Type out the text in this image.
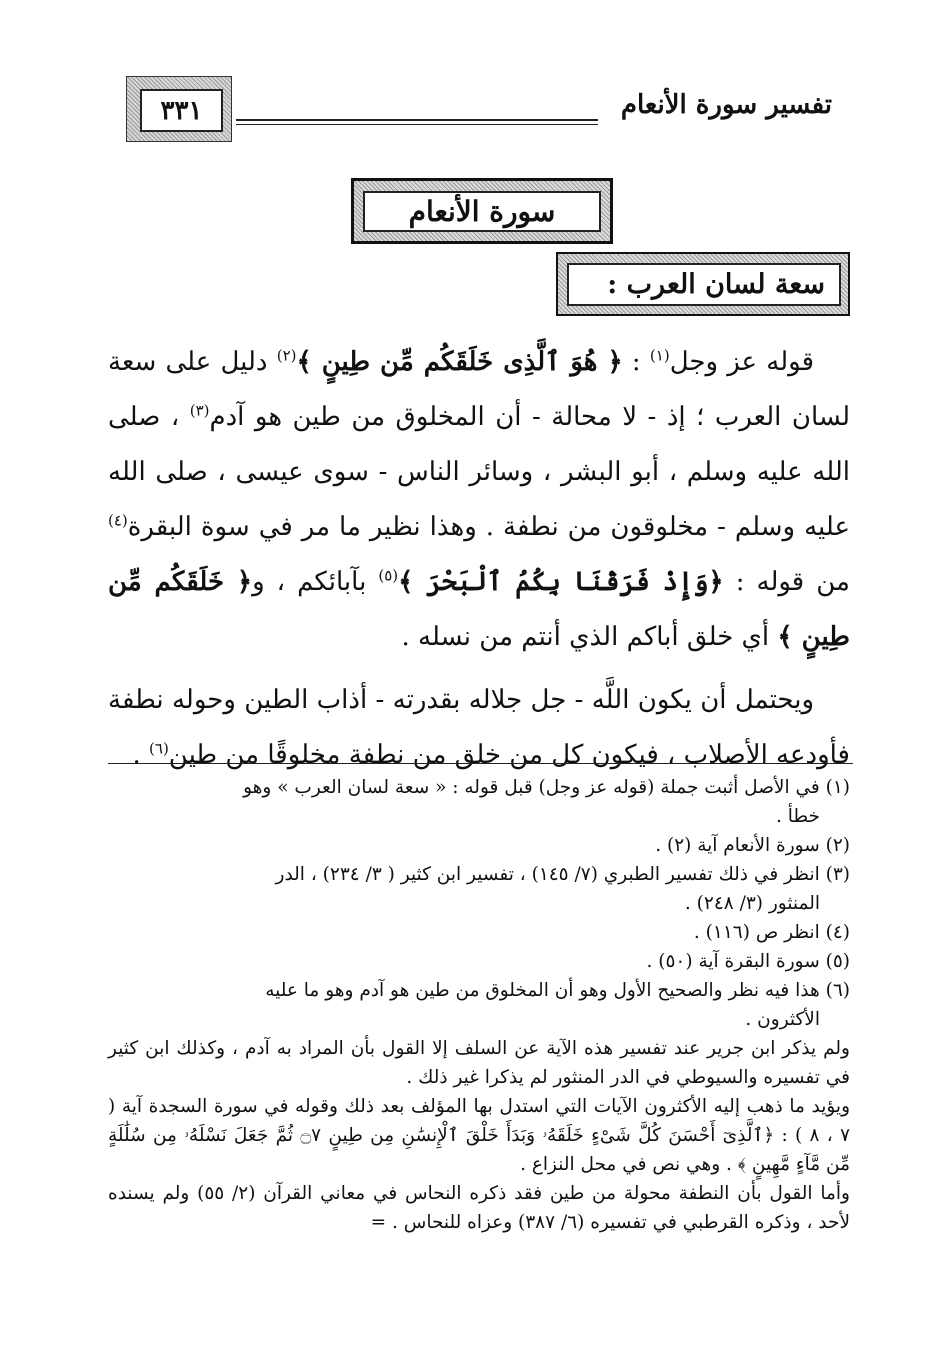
تفسير سورة الأنعام
٣٣١
سورة الأنعام
سعة لسان العرب :

قوله عز وجل$^{(١)}$ : ﴿ هُوَ ٱلَّذِى خَلَقَكُم مِّن طِينٍ ﴾$^{(٢)}$ دليل على سعة لسان العرب ؛ إذ - لا محالة - أن المخلوق من طين هو آدم$^{(٣)}$ ، صلى الله عليه وسلم ، أبو البشر ، وسائر الناس - سوى عيسى ، صلى الله عليه وسلم - مخلوقون من نطفة . وهذا نظير ما مر في سوة البقرة$^{(٤)}$ من قوله : ﴿وَإِذْ فَرَقْنَا بِكُمُ ٱلْبَحْرَ ﴾$^{(٥)}$ بآبائكم ، و﴿ خَلَقَكُم مِّن طِينٍ ﴾ أي خلق أباكم الذي أنتم من نسله .

ويحتمل أن يكون اللَّه - جل جلاله بقدرته - أذاب الطين وحوله نطفة فأودعه الأصلاب ، فيكون كل من خلق من نطفة مخلوقًا من طين$^{(٦)}$ .

(١) في الأصل أثبت جملة (قوله عز وجل) قبل قوله : « سعة لسان العرب » وهو

خطأ .

(٢) سورة الأنعام آية (٢) .

(٣) انظر في ذلك تفسير الطبري (٧/ ١٤٥) ، تفسير ابن كثير ( ٣/ ٢٣٤) ، الدر

المنثور (٣/ ٢٤٨) .

(٤) انظر ص (١١٦) .

(٥) سورة البقرة آية (٥٠) .

(٦) هذا فيه نظر والصحيح الأول وهو أن المخلوق من طين هو آدم وهو ما عليه

الأكثرون .

ولم يذكر ابن جرير عند تفسير هذه الآية عن السلف إلا القول بأن المراد به آدم ، وكذلك ابن كثير في تفسيره والسيوطي في الدر المنثور لم يذكرا غير ذلك .

ويؤيد ما ذهب إليه الأكثرون الآيات التي استدل بها المؤلف بعد ذلك وقوله في سورة السجدة آية ( ٧ ، ٨ ) : ﴿ٱلَّذِىٓ أَحْسَنَ كُلَّ شَىْءٍ خَلَقَهُۥ وَبَدَأَ خَلْقَ ٱلْإِنسَٰنِ مِن طِينٍ ۝٧ ثُمَّ جَعَلَ نَسْلَهُۥ مِن سُلَٰلَةٍ مِّن مَّآءٍ مَّهِينٍ ﴾ . وهي نص في محل النزاع .

وأما القول بأن النطفة محولة من طين فقد ذكره النحاس في معاني القرآن (٢/ ٥٥) ولم يسنده لأحد ، وذكره القرطبي في تفسيره (٦/ ٣٨٧) وعزاه للنحاس . =
